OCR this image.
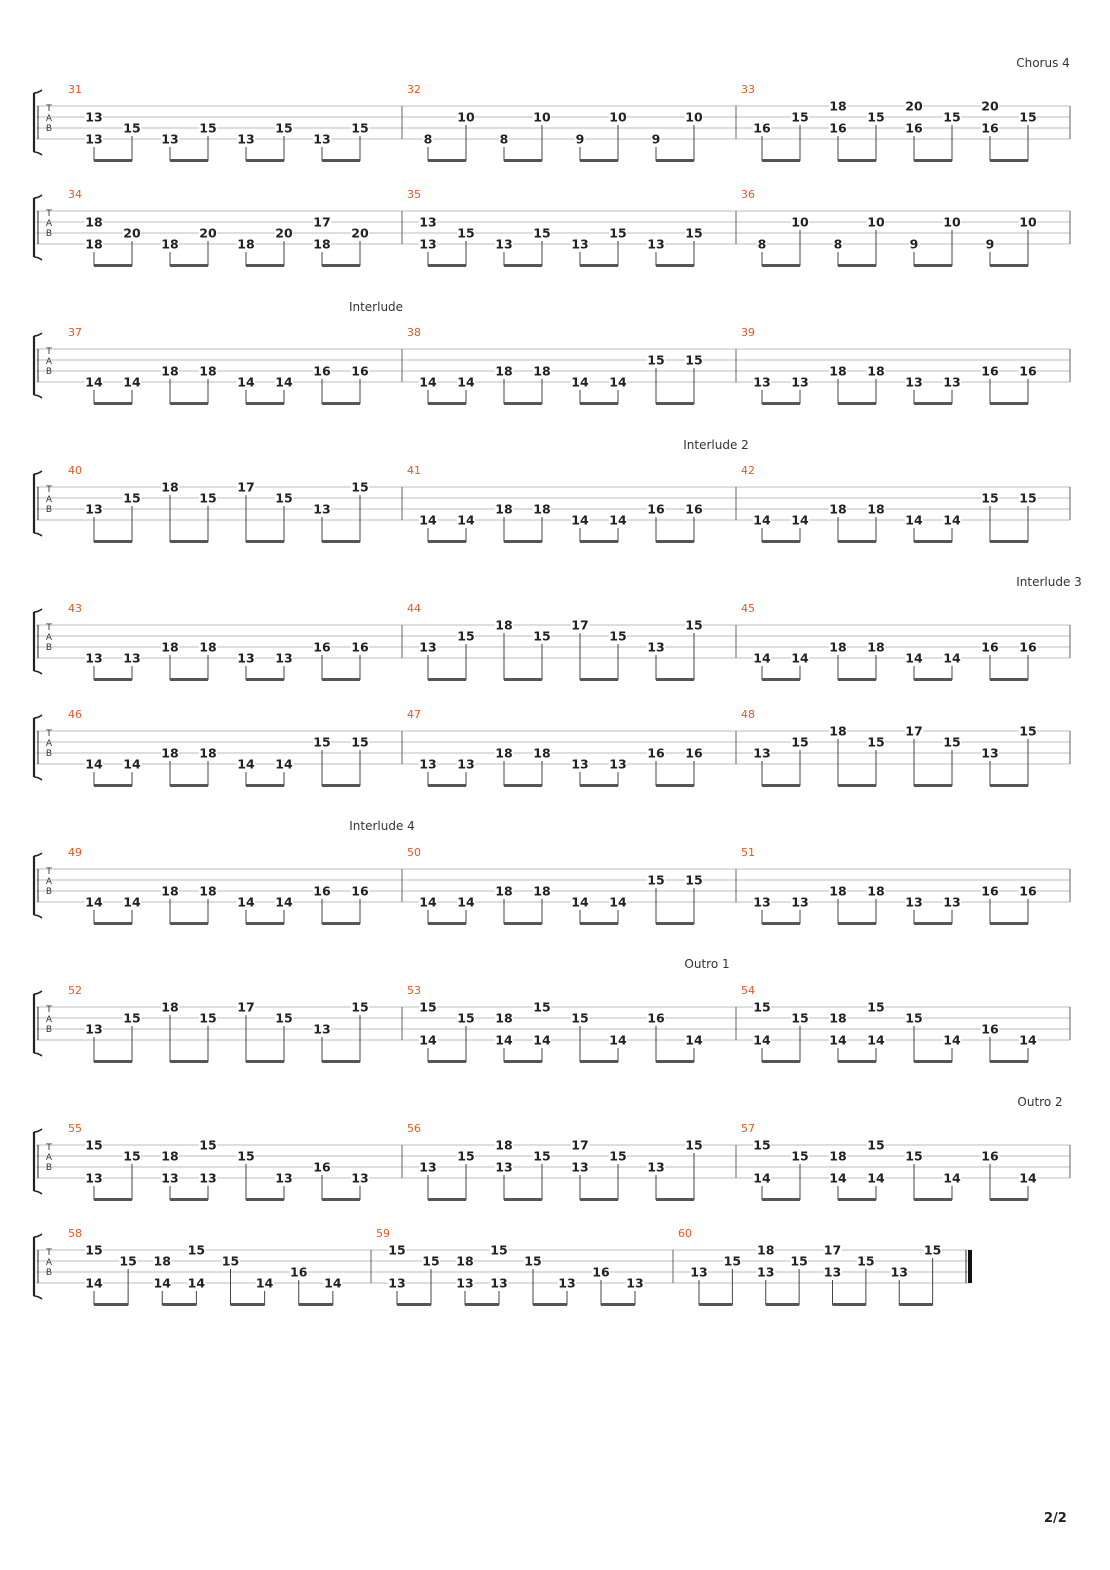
Chorus 4
Interlude
Interlude 2
Interlude 3
Interlude 4
Outro 1
Outro 2
T
A
B
31
13
13
15
13
15
13
15
13
15
32
8
10
8
10
9
10
9
10
33
16
15
18
16
15
20
16
15
20
16
15
T
A
B
34
18
18
20
18
20
18
20
17
18
20
35
13
13
15
13
15
13
15
13
15
36
8
10
8
10
9
10
9
10
T
A
B
37
14 14
18 18
14 14
16 16
38
14 14
18 18
14 14
15 15
39
13 13
18 18
13 13
16 16
T
A
B
40
13
15
18
15
17
15
13
15
41
14 14
18 18
14 14
16 16
42
14 14
18 18
14 14
15 15
T
A
B
43
13 13
18 18
13 13
16 16
44
13
15
18
15
17
15
13
15
45
14 14
18 18
14 14
16 16
T
A
B
46
14 14
18 18
14 14
15 15
47
13 13
18 18
13 13
16 16
48
13
15
18
15
17
15
13
15
T
A
B
49
14 14
18 18
14 14
16 16
50
14 14
18 18
14 14
15 15
51
13 13
18 18
13 13
16 16
T
A
B
52
13
15
18
15
17
15
13
15
53
15
14
15 18
14
15
14
15
14
16
14
54
15
14
15 18
14
15
14
15
14
16
14
T
A
B
55
15
13
15 18
13
15
13
15
13
16
13
56
13
15
18
13
15
17
13
15
13
15
57
15
14
15 18
14
15
14
15
14
16
14
T
A
B
58
15
14
15 18
14
15
14
15
14
16
14
59
15
13
15 18
13
15
13
15
13
16
13
60
13
15
18
13
15
17
13
15
13
15
2/2
